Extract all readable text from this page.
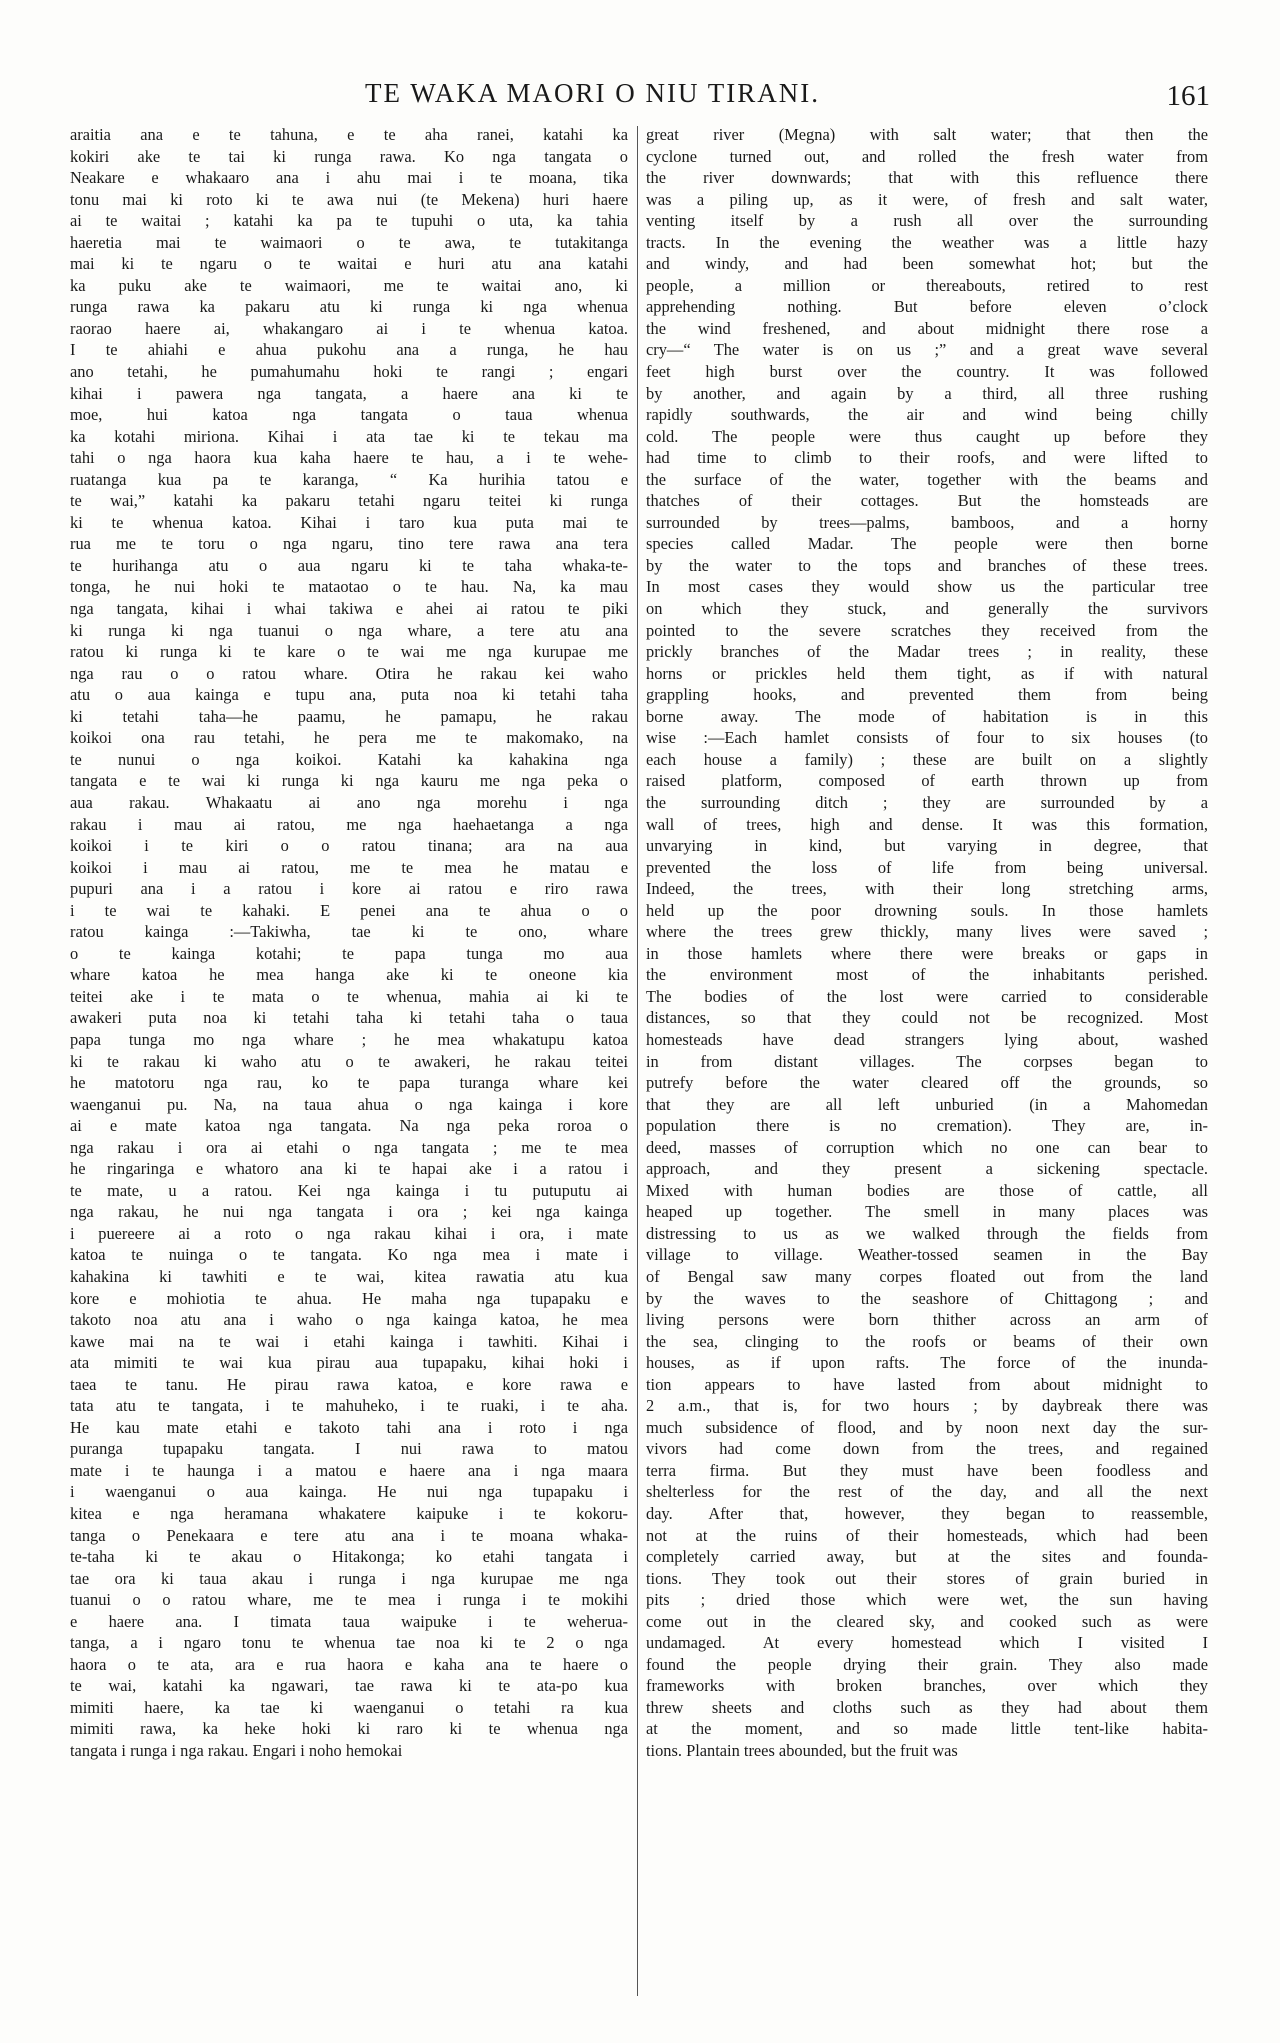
TE WAKA MAORI O NIU TIRANI.	161
araitia ana e te tahuna, e te aha ranei, katahi ka
kokiri ake te tai ki runga rawa. Ko nga tangata o
Neakare e whakaaro ana i ahu mai i te moana, tika
tonu mai ki roto ki te awa nui (te Mekena) huri haere
ai te waitai ; katahi ka pa te tupuhi o uta, ka tahia
haeretia mai te waimaori o te awa, te tutakitanga
mai ki te ngaru o te waitai e huri atu ana katahi
ka puku ake te waimaori, me te waitai ano, ki
runga rawa ka pakaru atu ki runga ki nga whenua
raorao haere ai, whakangaro ai i te whenua katoa.
I te ahiahi e ahua pukohu ana a runga, he hau
ano tetahi, he pumahumahu hoki te rangi ; engari
kihai i pawera nga tangata, a haere ana ki te
moe, hui katoa nga tangata o taua whenua
ka kotahi miriona. Kihai i ata tae ki te tekau ma
tahi o nga haora kua kaha haere te hau, a i te wehe-
ruatanga kua pa te karanga, “ Ka hurihia tatou e
te wai,” katahi ka pakaru tetahi ngaru teitei ki runga
ki te whenua katoa. Kihai i taro kua puta mai te
rua me te toru o nga ngaru, tino tere rawa ana tera
te hurihanga atu o aua ngaru ki te taha whaka-te-
tonga, he nui hoki te mataotao o te hau. Na, ka mau
nga tangata, kihai i whai takiwa e ahei ai ratou te piki
ki runga ki nga tuanui o nga whare, a tere atu ana
ratou ki runga ki te kare o te wai me nga kurupae me
nga rau o o ratou whare. Otira he rakau kei waho
atu o aua kainga e tupu ana, puta noa ki tetahi taha
ki tetahi taha—he paamu, he pamapu, he rakau
koikoi ona rau tetahi, he pera me te makomako, na
te nunui o nga koikoi. Katahi ka kahakina nga
tangata e te wai ki runga ki nga kauru me nga peka o
aua rakau. Whakaatu ai ano nga morehu i nga
rakau i mau ai ratou, me nga haehaetanga a nga
koikoi i te kiri o o ratou tinana; ara na aua
koikoi i mau ai ratou, me te mea he matau e
pupuri ana i a ratou i kore ai ratou e riro rawa
i te wai te kahaki. E penei ana te ahua o o
ratou kainga :—Takiwha, tae ki te ono, whare
o te kainga kotahi; te papa tunga mo aua
whare katoa he mea hanga ake ki te oneone kia
teitei ake i te mata o te whenua, mahia ai ki te
awakeri puta noa ki tetahi taha ki tetahi taha o taua
papa tunga mo nga whare ; he mea whakatupu katoa
ki te rakau ki waho atu o te awakeri, he rakau teitei
he matotoru nga rau, ko te papa turanga whare kei
waenganui pu. Na, na taua ahua o nga kainga i kore
ai e mate katoa nga tangata. Na nga peka roroa o
nga rakau i ora ai etahi o nga tangata ; me te mea
he ringaringa e whatoro ana ki te hapai ake i a ratou i
te mate, u a ratou. Kei nga kainga i tu putuputu ai
nga rakau, he nui nga tangata i ora ; kei nga kainga
i puereere ai a roto o nga rakau kihai i ora, i mate
katoa te nuinga o te tangata. Ko nga mea i mate i
kahakina ki tawhiti e te wai, kitea rawatia atu kua
kore e mohiotia te ahua. He maha nga tupapaku e
takoto noa atu ana i waho o nga kainga katoa, he mea
kawe mai na te wai i etahi kainga i tawhiti. Kihai i
ata mimiti te wai kua pirau aua tupapaku, kihai hoki i
taea te tanu. He pirau rawa katoa, e kore rawa e
tata atu te tangata, i te mahuheko, i te ruaki, i te aha.
He kau mate etahi e takoto tahi ana i roto i nga
puranga tupapaku tangata. I nui rawa to matou
mate i te haunga i a matou e haere ana i nga maara
i waenganui o aua kainga. He nui nga tupapaku i
kitea e nga heramana whakatere kaipuke i te kokoru-
tanga o Penekaara e tere atu ana i te moana whaka-
te-taha ki te akau o Hitakonga; ko etahi tangata i
tae ora ki taua akau i runga i nga kurupae me nga
tuanui o o ratou whare, me te mea i runga i te mokihi
e haere ana. I timata taua waipuke i te weherua-
tanga, a i ngaro tonu te whenua tae noa ki te 2 o nga
haora o te ata, ara e rua haora e kaha ana te haere o
te wai, katahi ka ngawari, tae rawa ki te ata-po kua
mimiti haere, ka tae ki waenganui o tetahi ra kua
mimiti rawa, ka heke hoki ki raro ki te whenua nga
tangata i runga i nga rakau. Engari i noho hemokai
great river (Megna) with salt water; that then the
cyclone turned out, and rolled the fresh water from
the river downwards; that with this refluence there
was a piling up, as it were, of fresh and salt water,
venting itself by a rush all over the surrounding
tracts. In the evening the weather was a little hazy
and windy, and had been somewhat hot; but the
people, a million or thereabouts, retired to rest
apprehending nothing. But before eleven o’clock
the wind freshened, and about midnight there rose a
cry—“ The water is on us ;” and a great wave several
feet high burst over the country. It was followed
by another, and again by a third, all three rushing
rapidly southwards, the air and wind being chilly
cold. The people were thus caught up before they
had time to climb to their roofs, and were lifted to
the surface of the water, together with the beams and
thatches of their cottages. But the homsteads are
surrounded by trees—palms, bamboos, and a horny
species called Madar. The people were then borne
by the water to the tops and branches of these trees.
In most cases they would show us the particular tree
on which they stuck, and generally the survivors
pointed to the severe scratches they received from the
prickly branches of the Madar trees ; in reality, these
horns or prickles held them tight, as if with natural
grappling hooks, and prevented them from being
borne away. The mode of habitation is in this
wise :—Each hamlet consists of four to six houses (to
each house a family) ; these are built on a slightly
raised platform, composed of earth thrown up from
the surrounding ditch ; they are surrounded by a
wall of trees, high and dense. It was this formation,
unvarying in kind, but varying in degree, that
prevented the loss of life from being universal.
Indeed, the trees, with their long stretching arms,
held up the poor drowning souls. In those hamlets
where the trees grew thickly, many lives were saved ;
in those hamlets where there were breaks or gaps in
the environment most of the inhabitants perished.
The bodies of the lost were carried to considerable
distances, so that they could not be recognized. Most
homesteads have dead strangers lying about, washed
in from distant villages. The corpses began to
putrefy before the water cleared off the grounds, so
that they are all left unburied (in a Mahomedan
population there is no cremation). They are, in-
deed, masses of corruption which no one can bear to
approach, and they present a sickening spectacle.
Mixed with human bodies are those of cattle, all
heaped up together. The smell in many places was
distressing to us as we walked through the fields from
village to village. Weather-tossed seamen in the Bay
of Bengal saw many corpes floated out from the land
by the waves to the seashore of Chittagong ; and
living persons were born thither across an arm of
the sea, clinging to the roofs or beams of their own
houses, as if upon rafts. The force of the inunda-
tion appears to have lasted from about midnight to
2 a.m., that is, for two hours ; by daybreak there was
much subsidence of flood, and by noon next day the sur-
vivors had come down from the trees, and regained
terra firma. But they must have been foodless and
shelterless for the rest of the day, and all the next
day. After that, however, they began to reassemble,
not at the ruins of their homesteads, which had been
completely carried away, but at the sites and founda-
tions. They took out their stores of grain buried in
pits ; dried those which were wet, the sun having
come out in the cleared sky, and cooked such as were
undamaged. At every homestead which I visited I
found the people drying their grain. They also made
frameworks with broken branches, over which they
threw sheets and cloths such as they had about them
at the moment, and so made little tent-like habita-
tions. Plantain trees abounded, but the fruit was
